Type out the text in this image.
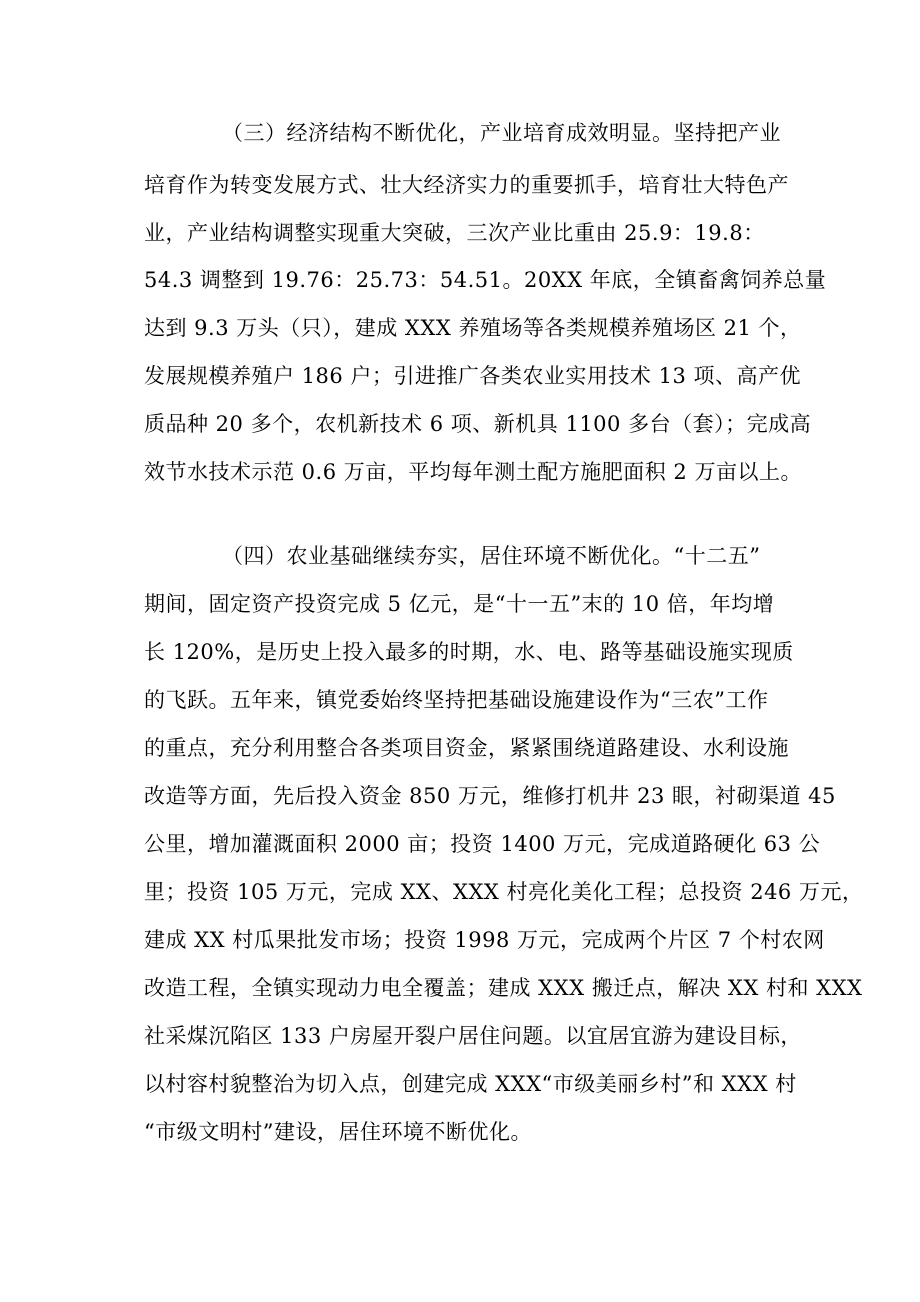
（三）经济结构不断优化，产业培育成效明显。坚持把产业
培育作为转变发展方式、壮大经济实力的重要抓手，培育壮大特色产
业，产业结构调整实现重大突破，三次产业比重由 25.9：19.8：
54.3 调整到 19.76：25.73：54.51。20XX 年底，全镇畜禽饲养总量
达到 9.3 万头（只），建成 XXX 养殖场等各类规模养殖场区 21 个，
发展规模养殖户 186 户；引进推广各类农业实用技术 13 项、高产优
质品种 20 多个，农机新技术 6 项、新机具 1100 多台（套）；完成高
效节水技术示范 0.6 万亩，平均每年测土配方施肥面积 2 万亩以上。
（四）农业基础继续夯实，居住环境不断优化。“十二五”
期间，固定资产投资完成 5 亿元，是“十一五”末的 10 倍，年均增
长 120%，是历史上投入最多的时期，水、电、路等基础设施实现质
的飞跃。五年来，镇党委始终坚持把基础设施建设作为“三农”工作
的重点，充分利用整合各类项目资金，紧紧围绕道路建设、水利设施
改造等方面，先后投入资金 850 万元，维修打机井 23 眼，衬砌渠道 45
公里，增加灌溉面积 2000 亩；投资 1400 万元，完成道路硬化 63 公
里；投资 105 万元，完成 XX、XXX 村亮化美化工程；总投资 246 万元，
建成 XX 村瓜果批发市场；投资 1998 万元，完成两个片区 7 个村农网
改造工程，全镇实现动力电全覆盖；建成 XXX 搬迁点，解决 XX 村和 XXX
社采煤沉陷区 133 户房屋开裂户居住问题。以宜居宜游为建设目标，
以村容村貌整治为切入点，创建完成 XXX“市级美丽乡村”和 XXX 村
“市级文明村”建设，居住环境不断优化。
